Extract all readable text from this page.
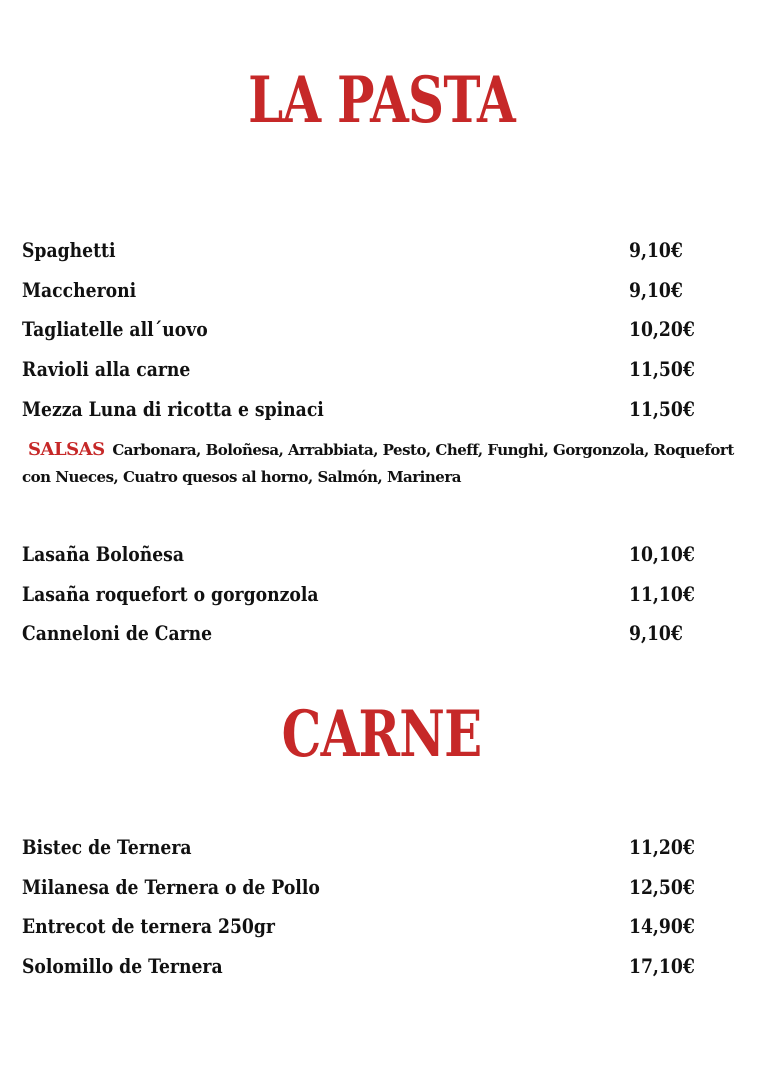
LA PASTA
Spaghetti	9,10€
Maccheroni	9,10€
Tagliatelle all´uovo	10,20€
Ravioli alla carne	11,50€
Mezza Luna di ricotta e spinaci	11,50€
SALSAS Carbonara, Boloñesa, Arrabbiata, Pesto, Cheff, Funghi, Gorgonzola, Roquefort con Nueces, Cuatro quesos al horno, Salmón, Marinera
Lasaña Boloñesa	10,10€
Lasaña roquefort o gorgonzola	11,10€
Canneloni de Carne	9,10€
CARNE
Bistec de Ternera	11,20€
Milanesa de Ternera o de Pollo	12,50€
Entrecot de ternera 250gr	14,90€
Solomillo de Ternera	17,10€
